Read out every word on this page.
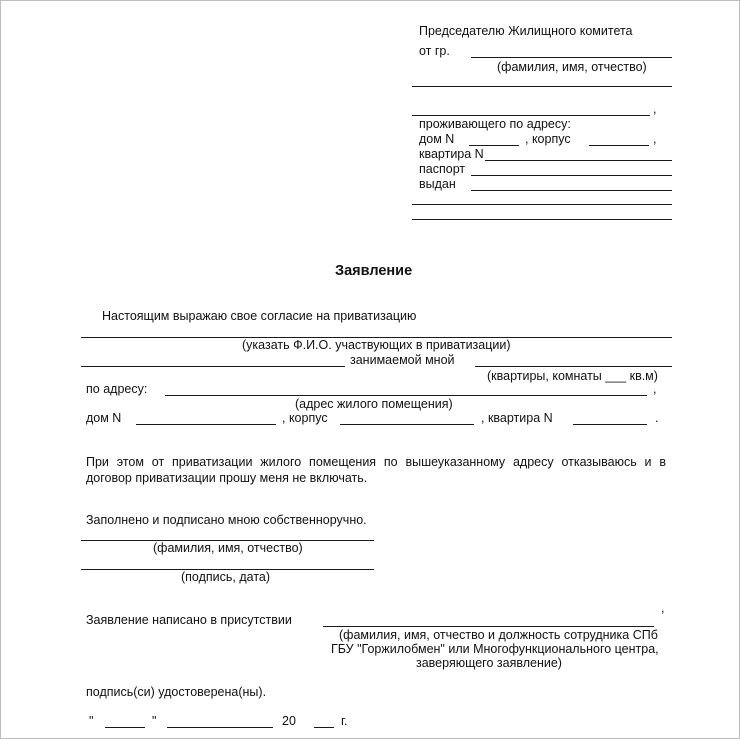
Председателю Жилищного комитета
от гр.
(фамилия, имя, отчество)
,
проживающего по адресу:
дом N	, корпус	,
квартира N
паспорт
выдан
Заявление
Настоящим выражаю свое согласие на приватизацию
(указать Ф.И.О. участвующих в приватизации)
занимаемой мной
(квартиры, комнаты ___ кв.м)
по адресу:	,
(адрес жилого помещения)
дом N	, корпус	, квартира N	.
При этом от приватизации жилого помещения по вышеуказанному адресу отказываюсь и в договор приватизации прошу меня не включать.
Заполнено и подписано мною собственноручно.
(фамилия, имя, отчество)
(подпись, дата)
Заявление написано в присутствии
,
(фамилия, имя, отчество и должность сотрудника СПб
ГБУ "Горжилобмен" или Многофункционального центра,
заверяющего заявление)
подпись(си) удостоверена(ны).
"	"	20	г.
